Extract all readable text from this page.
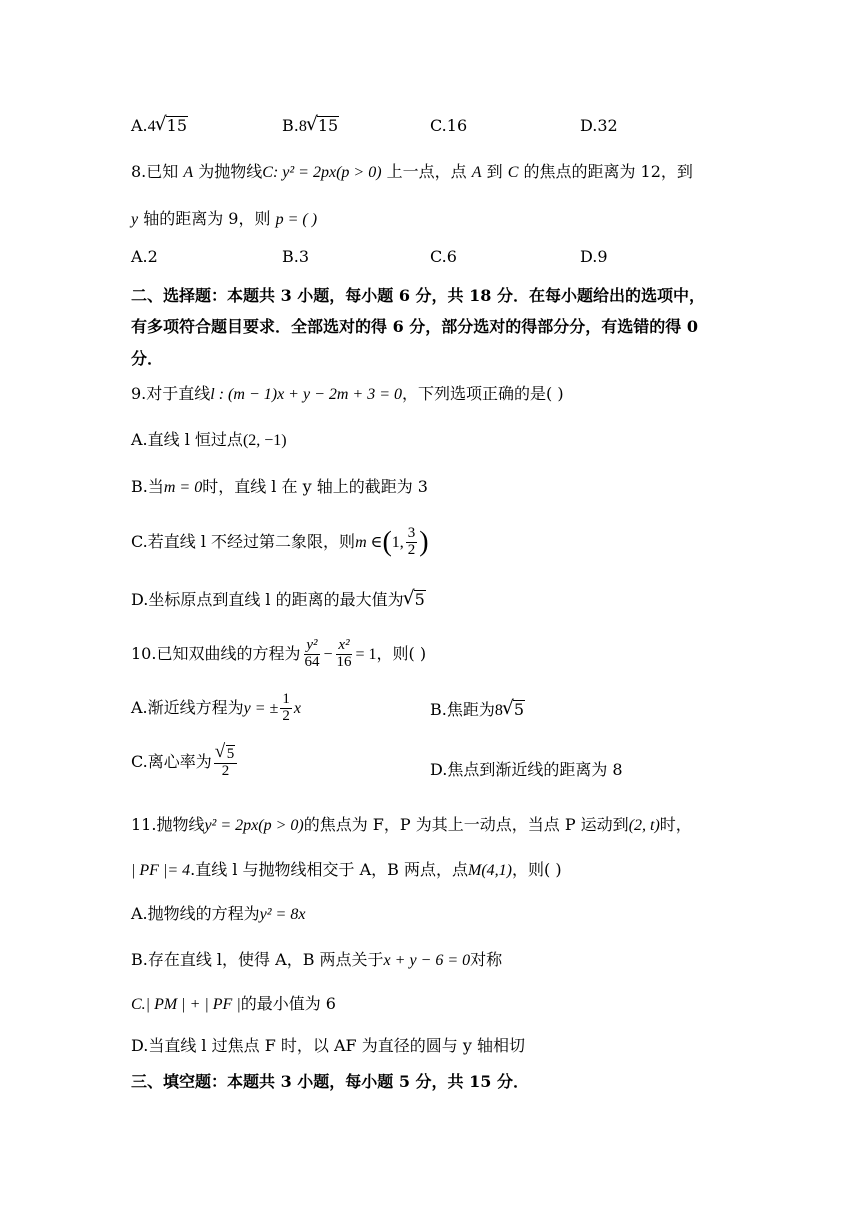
A.4 √ 15	B.8 √ 15	C.16	D.32
8.已知 A 为抛物线C: y² = 2px(p > 0) 上一点，点 A 到 C 的焦点的距离为 12，到
y 轴的距离为 9，则 p = ( )
A.2	B.3	C.6	D.9
二、选择题：本题共 3 小题，每小题 6 分，共 18 分．在每小题给出的选项中，
有多项符合题目要求．全部选对的得 6 分，部分选对的得部分分，有选错的得 0
分．
9.对于直线l : (m − 1)x + y − 2m + 3 = 0，下列选项正确的是( )
A.直线 l 恒过点(2, −1)
B.当m = 0时，直线 l 在 y 轴上的截距为 3
C.若直线 l 不经过第二象限，则m ∈(1, $\frac{3}{2}$ )
D.坐标原点到直线 l 的距离的最大值为 √ 5
10.已知双曲线的方程为 $\frac{\text{y²}}{64} - \frac{\text{x²}}{16} = 1$，则( )
A.渐近线方程为y = ± $\frac{1}{2}$ x	B.焦距为8 √ 5
C.离心率为 √ $\frac{5}{2}$	D.焦点到渐近线的距离为 8
11.抛物线y² = 2px(p > 0)的焦点为 F，P 为其上一动点，当点 P 运动到(2, t)时，
| PF |= 4.直线 l 与抛物线相交于 A，B 两点，点M(4,1)，则( )
A.抛物线的方程为y² = 8x
B.存在直线 l，使得 A，B 两点关于x + y − 6 = 0对称
C.| PM | + | PF |的最小值为 6
D.当直线 l 过焦点 F 时，以 AF 为直径的圆与 y 轴相切
三、填空题：本题共 3 小题，每小题 5 分，共 15 分．
